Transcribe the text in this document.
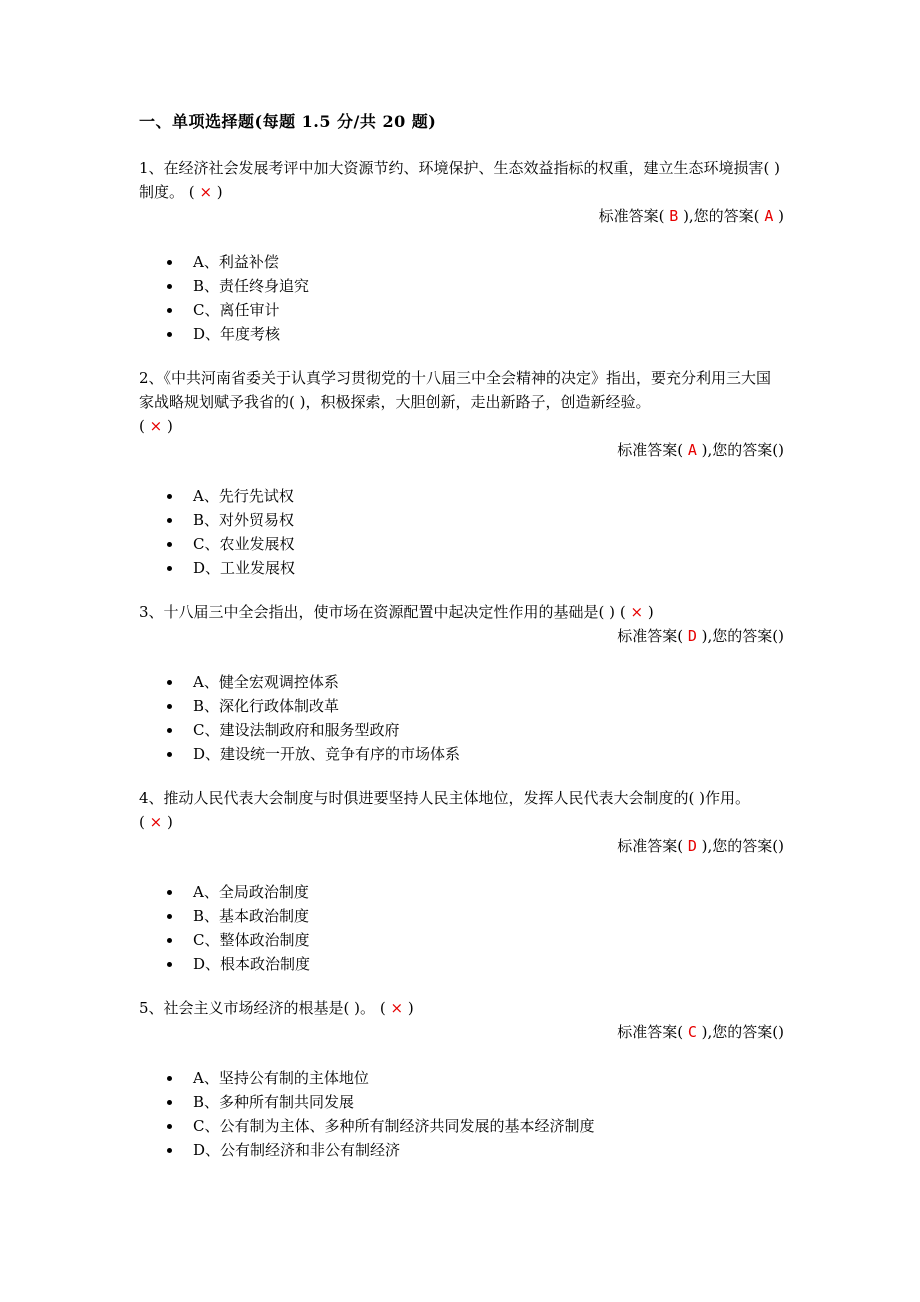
一、单项选择题(每题 1.5 分/共 20 题)

1、在经济社会发展考评中加大资源节约、环境保护、生态效益指标的权重，建立生态环境损害( )制度。 ( × )

标准答案( B ),您的答案( A )

A、利益补偿
B、责任终身追究
C、离任审计
D、年度考核

2、《中共河南省委关于认真学习贯彻党的十八届三中全会精神的决定》指出，要充分利用三大国家战略规划赋予我省的( )，积极探索，大胆创新，走出新路子，创造新经验。
( × )

标准答案( A ),您的答案()

A、先行先试权
B、对外贸易权
C、农业发展权
D、工业发展权

3、十八届三中全会指出，使市场在资源配置中起决定性作用的基础是( ) ( × )

标准答案( D ),您的答案()

A、健全宏观调控体系
B、深化行政体制改革
C、建设法制政府和服务型政府
D、建设统一开放、竞争有序的市场体系

4、推动人民代表大会制度与时俱进要坚持人民主体地位，发挥人民代表大会制度的( )作用。
( × )

标准答案( D ),您的答案()

A、全局政治制度
B、基本政治制度
C、整体政治制度
D、根本政治制度

5、社会主义市场经济的根基是( )。 ( × )

标准答案( C ),您的答案()

A、坚持公有制的主体地位
B、多种所有制共同发展
C、公有制为主体、多种所有制经济共同发展的基本经济制度
D、公有制经济和非公有制经济
